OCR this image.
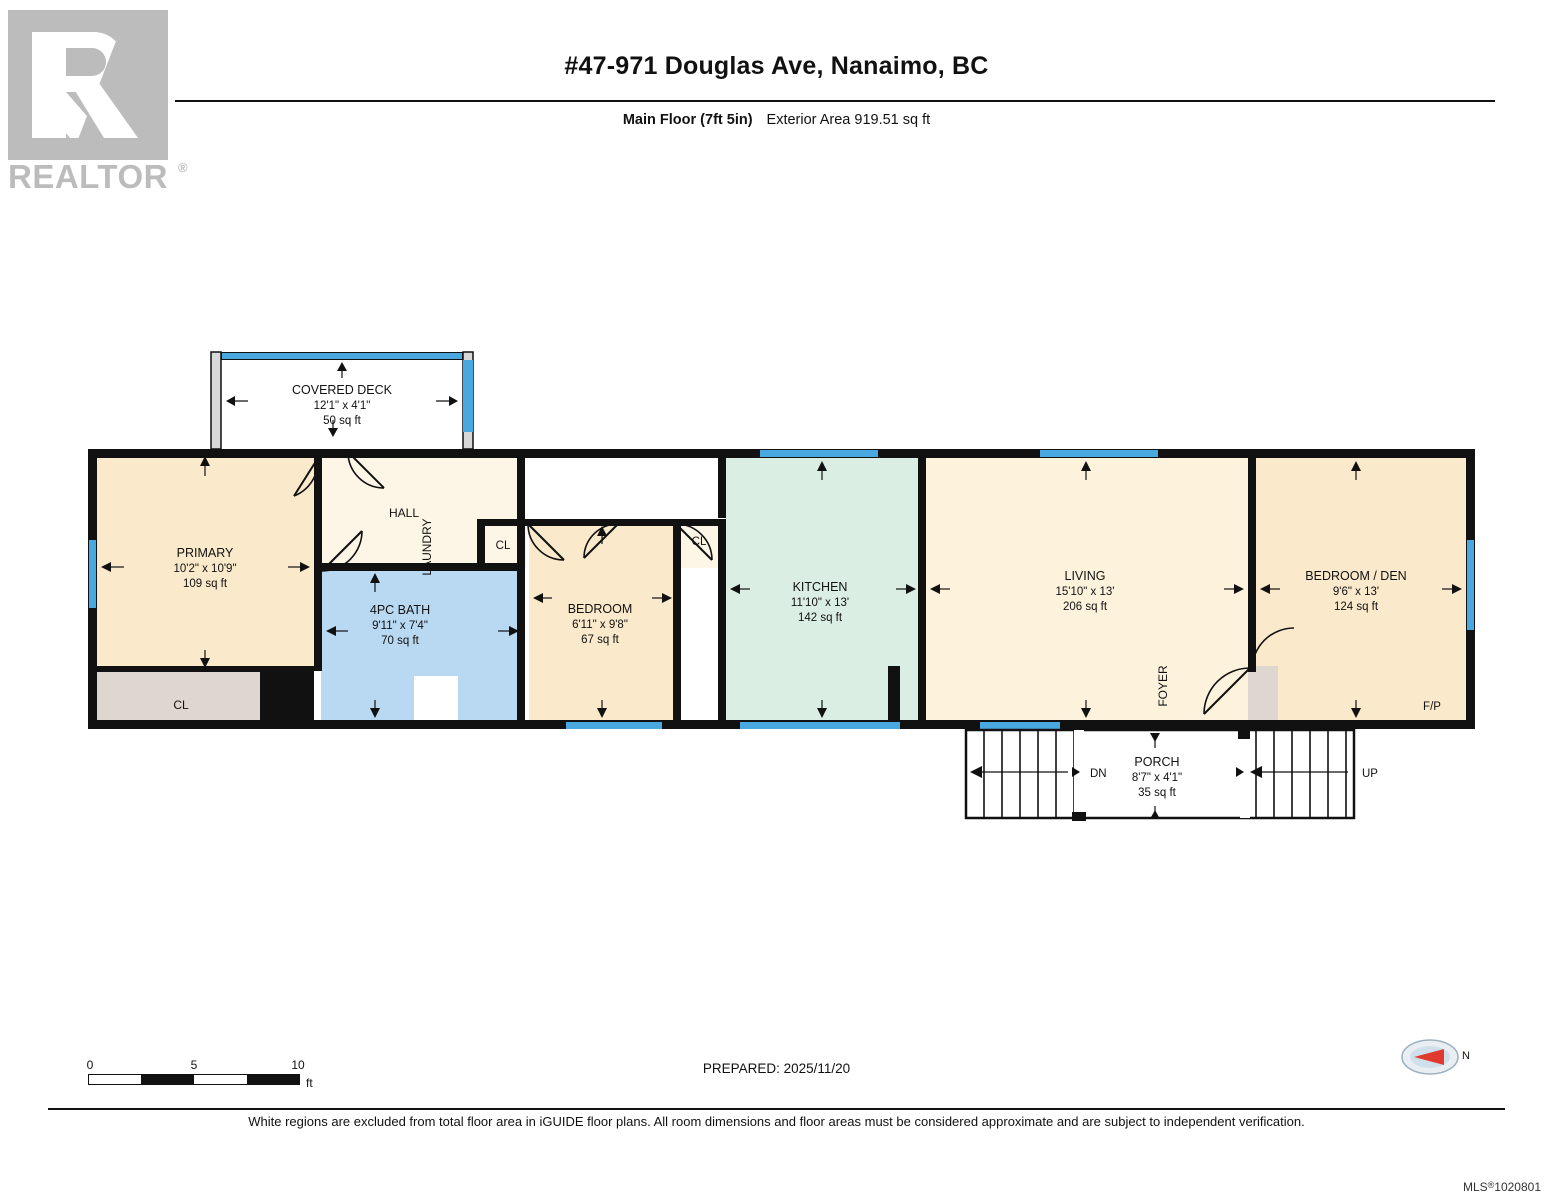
REALTOR ®
#47-971 Douglas Ave, Nanaimo, BC
Main Floor (7ft 5in) Exterior Area 919.51 sq ft
COVERED DECK
12'1" x 4'1"
50 sq ft
PRIMARY
10'2" x 10'9"
109 sq ft
CL
HALL
LAUNDRY	CL	CL
4PC BATH
9'11" x 7'4"
70 sq ft
BEDROOM
6'11" x 9'8"
67 sq ft
KITCHEN
11'10" x 13'
142 sq ft
LIVING
15'10" x 13'
206 sq ft
BEDROOM / DEN
9'6" x 13'
124 sq ft
FOYER
F/P
PORCH
8'7" x 4'1"
35 sq ft
DN	UP
0	5	10
ft
PREPARED: 2025/11/20
N
White regions are excluded from total floor area in iGUIDE floor plans. All room dimensions and floor areas must be considered approximate and are subject to independent verification.
MLS®1020801
